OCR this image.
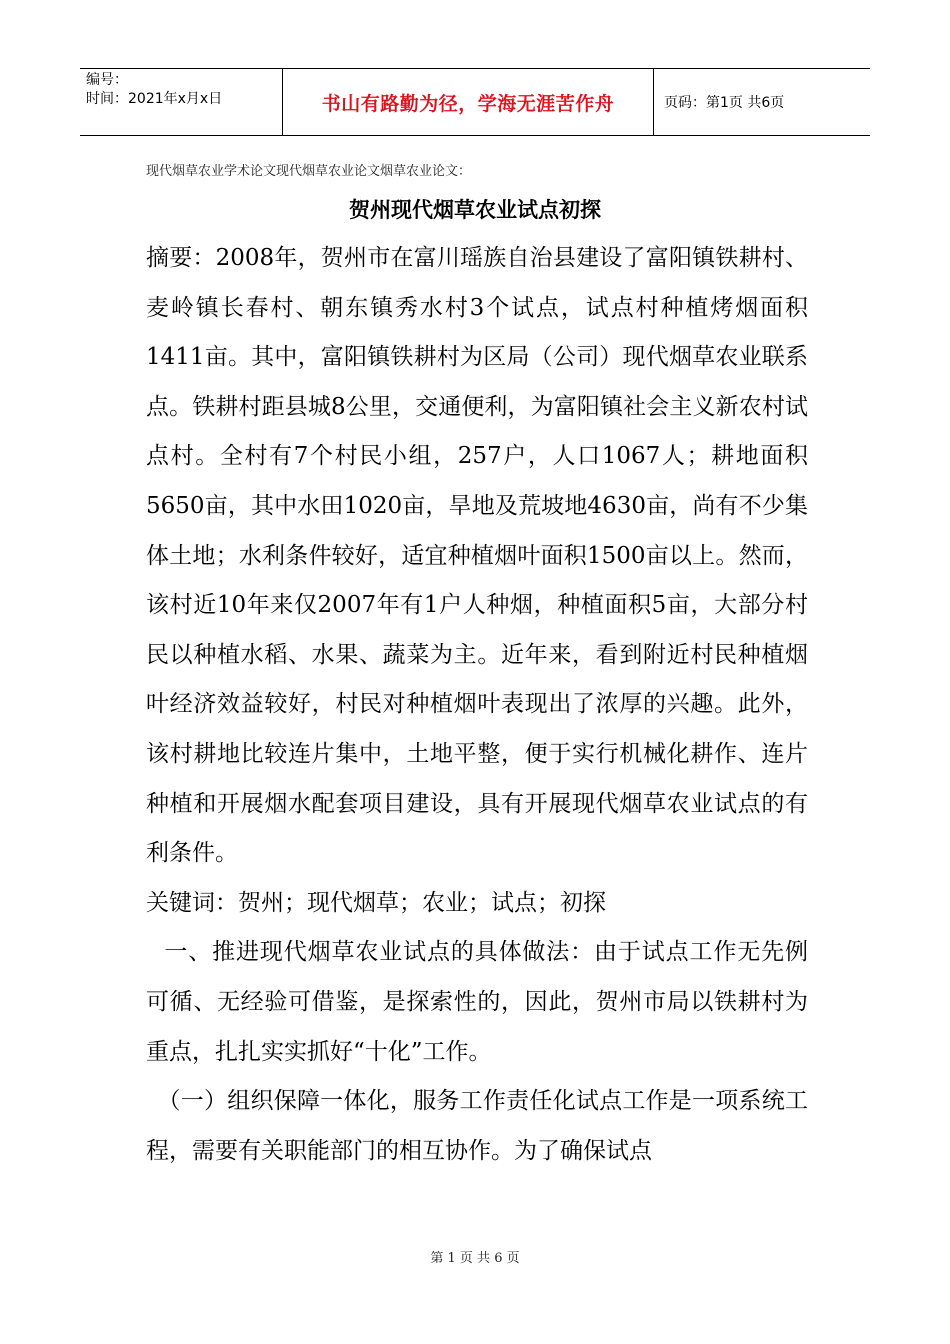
编号：
时间：2021年x月x日	书山有路勤为径，学海无涯苦作舟	页码：第1页 共6页
现代烟草农业学术论文现代烟草农业论文烟草农业论文：
贺州现代烟草农业试点初探

摘要：2008年，贺州市在富川瑶族自治县建设了富阳镇铁耕村、麦岭镇长春村、朝东镇秀水村3个试点，试点村种植烤烟面积1411亩。其中，富阳镇铁耕村为区局（公司）现代烟草农业联系点。铁耕村距县城8公里，交通便利，为富阳镇社会主义新农村试点村。全村有7个村民小组，257户，人口1067人；耕地面积5650亩，其中水田1020亩，旱地及荒坡地4630亩，尚有不少集体土地；水利条件较好，适宜种植烟叶面积1500亩以上。然而，该村近10年来仅2007年有1户人种烟，种植面积5亩，大部分村民以种植水稻、水果、蔬菜为主。近年来，看到附近村民种植烟叶经济效益较好，村民对种植烟叶表现出了浓厚的兴趣。此外，该村耕地比较连片集中，土地平整，便于实行机械化耕作、连片种植和开展烟水配套项目建设，具有开展现代烟草农业试点的有利条件。

关键词：贺州；现代烟草；农业；试点；初探

一、推进现代烟草农业试点的具体做法：由于试点工作无先例可循、无经验可借鉴，是探索性的，因此，贺州市局以铁耕村为重点，扎扎实实抓好“十化”工作。

（一）组织保障一体化，服务工作责任化试点工作是一项系统工程，需要有关职能部门的相互协作。为了确保试点

第 1 页 共 6 页
